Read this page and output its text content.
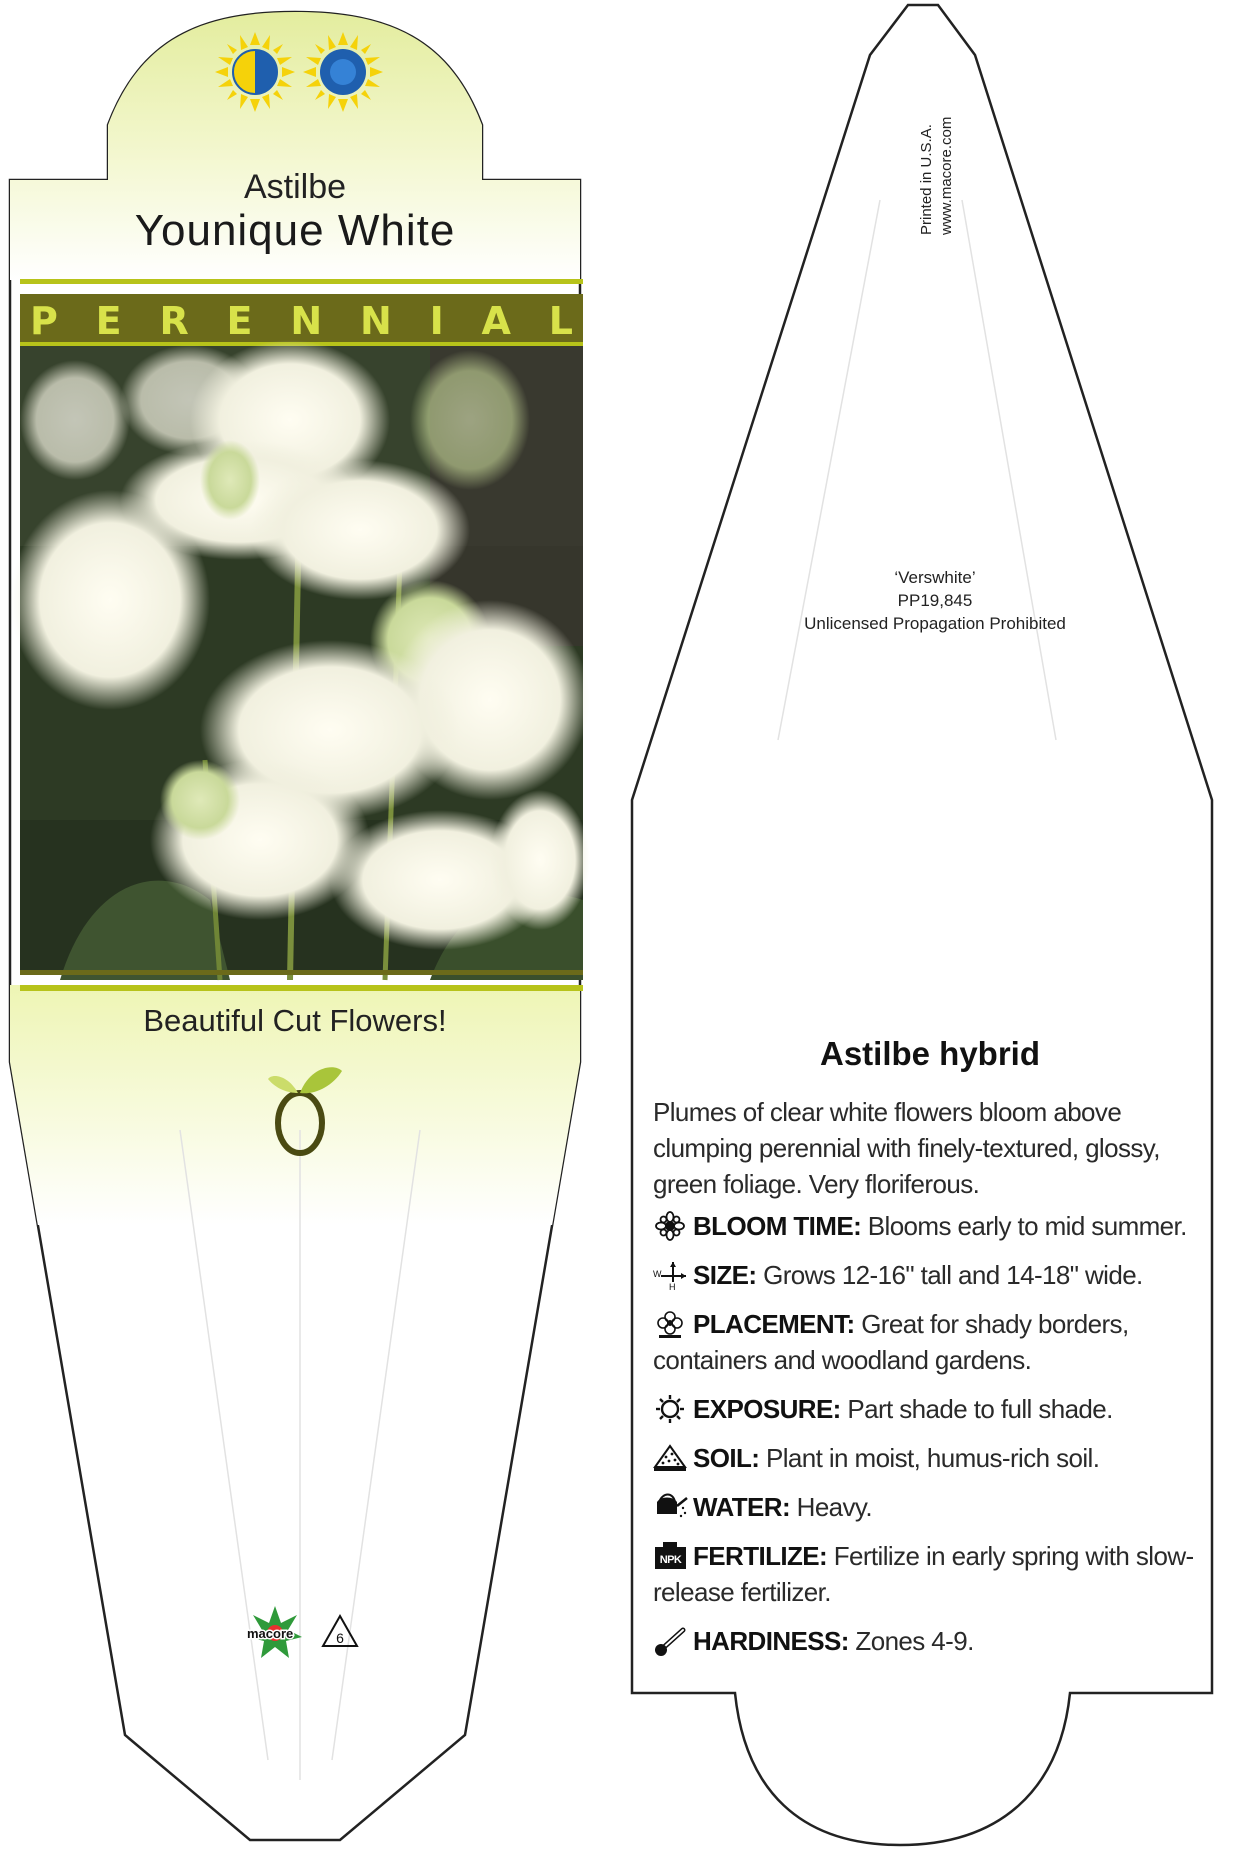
Astilbe
Younique White
P E R E N N I A L
Beautiful Cut Flowers!
macore	6
Printed in U.S.A. www.macore.com
‘Verswhite’
PP19,845
Unlicensed Propagation Prohibited
Astilbe hybrid

Plumes of clear white flowers bloom above clumping perennial with finely-textured, glossy, green foliage. Very floriferous.

BLOOM TIME: Blooms early to mid summer.
W
H SIZE: Grows 12-16" tall and 14-18" wide.
PLACEMENT: Great for shady borders, containers and woodland gardens.
EXPOSURE: Part shade to full shade.
SOIL: Plant in moist, humus-rich soil.
WATER: Heavy.
NPK FERTILIZE: Fertilize in early spring with slow-release fertilizer.
HARDINESS: Zones 4-9.
